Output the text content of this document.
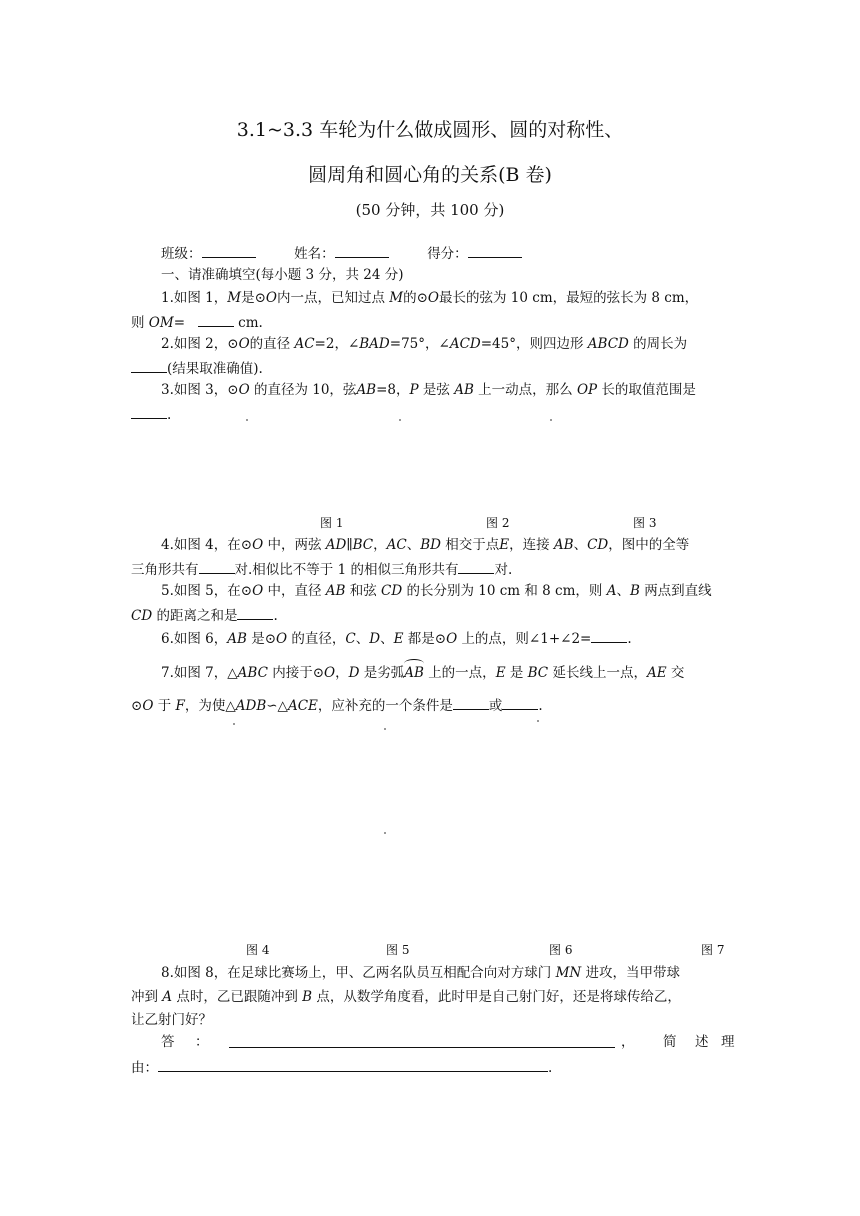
3.1~3.3 车轮为什么做成圆形、圆的对称性、
圆周角和圆心角的关系(B 卷)
(50 分钟，共 100 分)
班级：	姓名：	得分：
一、请准确填空(每小题 3 分，共 24 分)
1.如图 1，M是⊙O内一点，已知过点 M的⊙O最长的弦为 10 cm，最短的弦长为 8 cm，
则 OM=	cm.
2.如图 2，⊙O的直径 AC=2，∠BAD=75°，∠ACD=45°，则四边形 ABCD 的周长为
(结果取准确值).
3.如图 3，⊙O 的直径为 10，弦AB=8，P 是弦 AB 上一动点，那么 OP 长的取值范围是
.
图 1	图 2	图 3
4.如图 4，在⊙O 中，两弦 AD∥BC，AC、BD 相交于点E，连接 AB、CD，图中的全等
三角形共有	对.相似比不等于 1 的相似三角形共有	对.
5.如图 5，在⊙O 中，直径 AB 和弦 CD 的长分别为 10 cm 和 8 cm，则 A、B 两点到直线
CD 的距离之和是	.
6.如图 6，AB 是⊙O 的直径，C、D、E 都是⊙O 上的点，则∠1+∠2=	.
7.如图 7，△ABC 内接于⊙O，D 是劣弧AB 上的一点，E 是 BC 延长线上一点，AE 交
⊙O 于 F，为使△ADB∽△ACE，应补充的一个条件是	或	.
图 4	图 5	图 6	图 7
8.如图 8，在足球比赛场上，甲、乙两名队员互相配合向对方球门 MN 进攻，当甲带球
冲到 A 点时，乙已跟随冲到 B 点，从数学角度看，此时甲是自己射门好，还是将球传给乙，
让乙射门好？
答 ：	， 简 述 理
由：	.
